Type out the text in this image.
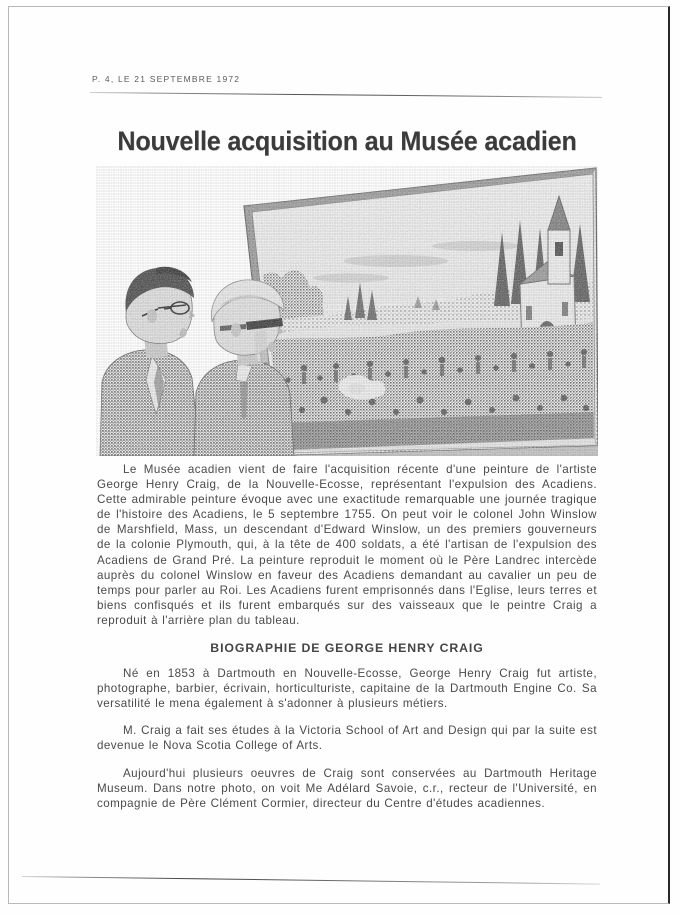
P. 4, LE 21 SEPTEMBRE 1972
Nouvelle acquisition au Musée acadien

Le Musée acadien vient de faire l'acquisition récente d'une peinture de l'artiste George Henry Craig, de la Nouvelle-Ecosse, représentant l'expulsion des Acadiens. Cette admirable peinture évoque avec une exactitude remarquable une journée tragique de l'histoire des Acadiens, le 5 septembre 1755. On peut voir le colonel John Winslow de Marshfield, Mass, un descendant d'Edward Winslow, un des premiers gouverneurs de la colonie Plymouth, qui, à la tête de 400 soldats, a été l'artisan de l'expulsion des Acadiens de Grand Pré. La peinture reproduit le moment où le Père Landrec intercède auprès du colonel Winslow en faveur des Acadiens demandant au cavalier un peu de temps pour parler au Roi. Les Acadiens furent emprisonnés dans l'Eglise, leurs terres et biens confisqués et ils furent embarqués sur des vaisseaux que le peintre Craig a reproduit à l'arrière plan du tableau.

BIOGRAPHIE DE GEORGE HENRY CRAIG

Né en 1853 à Dartmouth en Nouvelle-Ecosse, George Henry Craig fut artiste, photographe, barbier, écrivain, horticulturiste, capitaine de la Dartmouth Engine Co. Sa versatilité le mena également à s'adonner à plusieurs métiers.

M. Craig a fait ses études à la Victoria School of Art and Design qui par la suite est devenue le Nova Scotia College of Arts.

Aujourd'hui plusieurs oeuvres de Craig sont conservées au Dartmouth Heritage Museum. Dans notre photo, on voit Me Adélard Savoie, c.r., recteur de l'Université, en compagnie de Père Clément Cormier, directeur du Centre d'études acadiennes.
